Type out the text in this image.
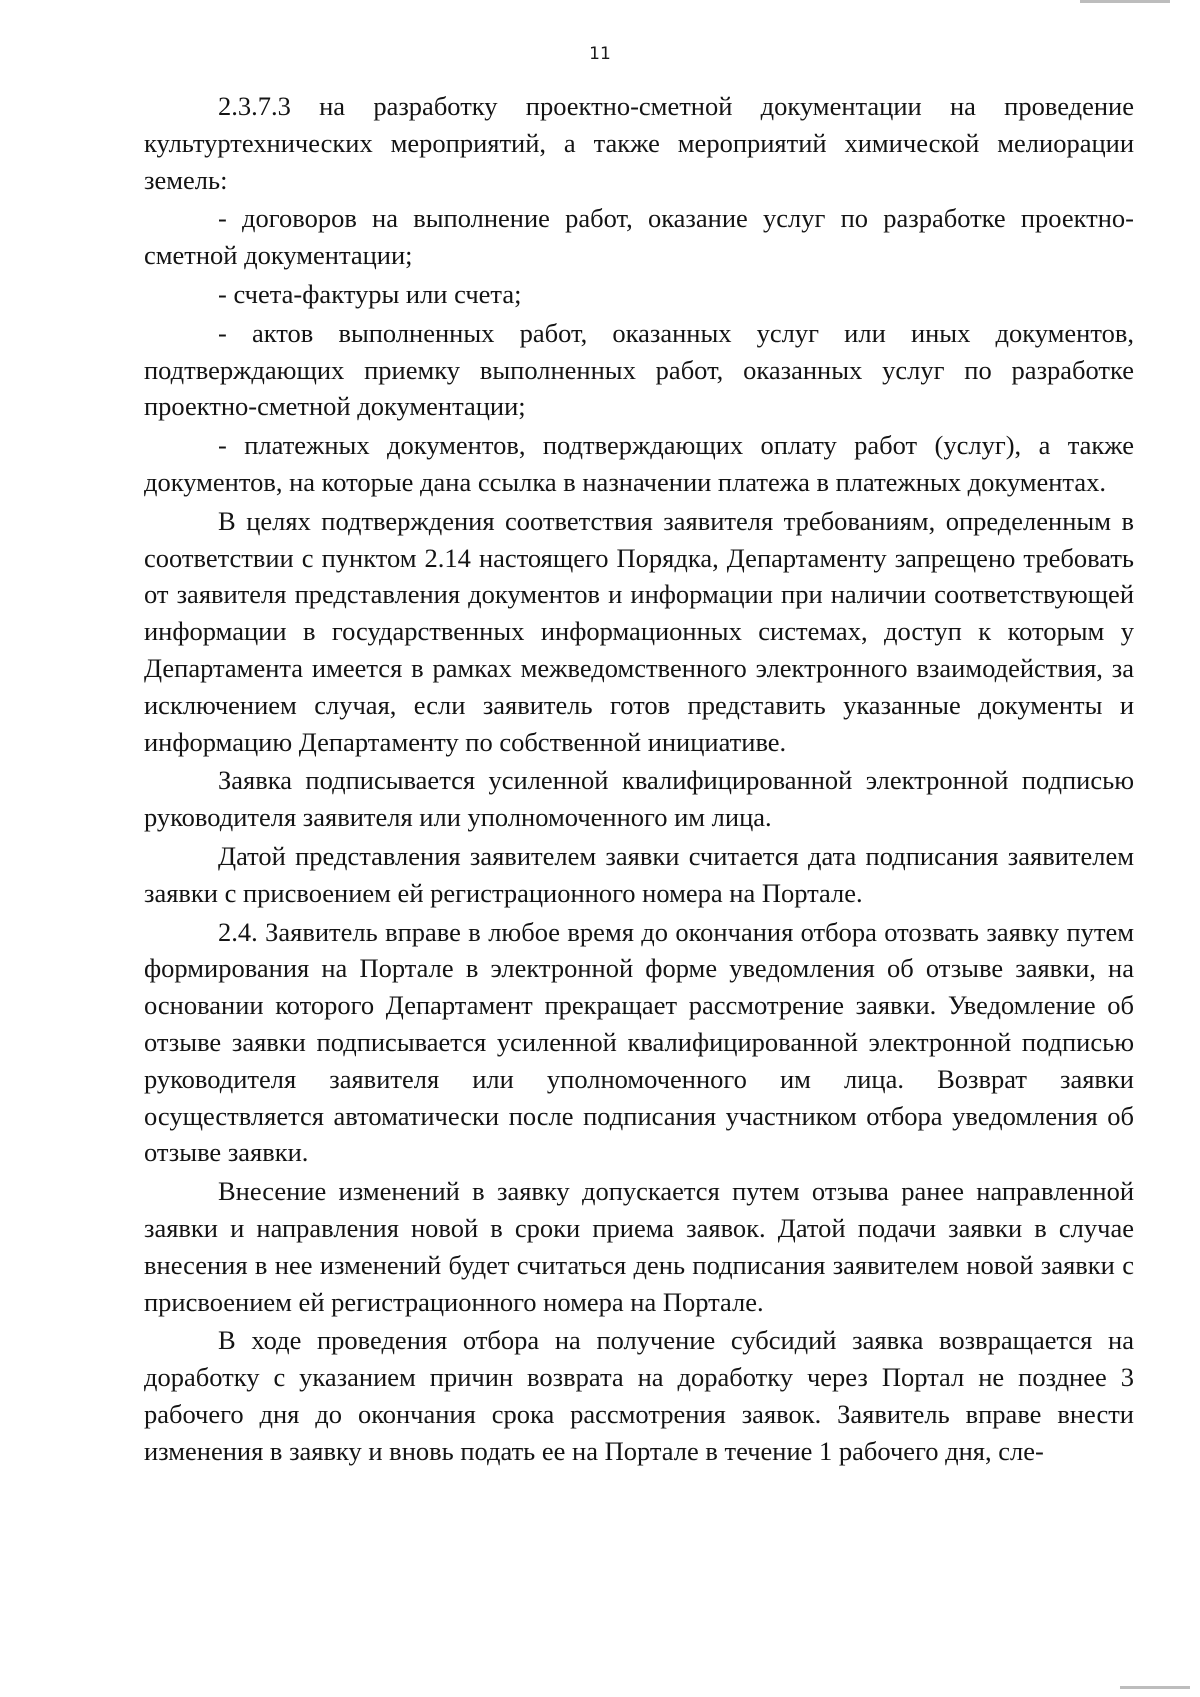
11

2.3.7.3 на разработку проектно-сметной документации на проведение культуртехнических мероприятий, а также мероприятий химической мелиорации земель:

- договоров на выполнение работ, оказание услуг по разработке проектно-сметной документации;

- счета-фактуры или счета;

- актов выполненных работ, оказанных услуг или иных документов, подтверждающих приемку выполненных работ, оказанных услуг по разработке проектно-сметной документации;

- платежных документов, подтверждающих оплату работ (услуг), а также документов, на которые дана ссылка в назначении платежа в платежных документах.

В целях подтверждения соответствия заявителя требованиям, определенным в соответствии с пунктом 2.14 настоящего Порядка, Департаменту запрещено требовать от заявителя представления документов и информации при наличии соответствующей информации в государственных информационных системах, доступ к которым у Департамента имеется в рамках межведомственного электронного взаимодействия, за исключением случая, если заявитель готов представить указанные документы и информацию Департаменту по собственной инициативе.

Заявка подписывается усиленной квалифицированной электронной подписью руководителя заявителя или уполномоченного им лица.

Датой представления заявителем заявки считается дата подписания заявителем заявки с присвоением ей регистрационного номера на Портале.

2.4. Заявитель вправе в любое время до окончания отбора отозвать заявку путем формирования на Портале в электронной форме уведомления об отзыве заявки, на основании которого Департамент прекращает рассмотрение заявки. Уведомление об отзыве заявки подписывается усиленной квалифицированной электронной подписью руководителя заявителя или уполномоченного им лица. Возврат заявки осуществляется автоматически после подписания участником отбора уведомления об отзыве заявки.

Внесение изменений в заявку допускается путем отзыва ранее направленной заявки и направления новой в сроки приема заявок. Датой подачи заявки в случае внесения в нее изменений будет считаться день подписания заявителем новой заявки с присвоением ей регистрационного номера на Портале.

В ходе проведения отбора на получение субсидий заявка возвращается на доработку с указанием причин возврата на доработку через Портал не позднее 3 рабочего дня до окончания срока рассмотрения заявок. Заявитель вправе внести изменения в заявку и вновь подать ее на Портале в течение 1 рабочего дня, сле-
